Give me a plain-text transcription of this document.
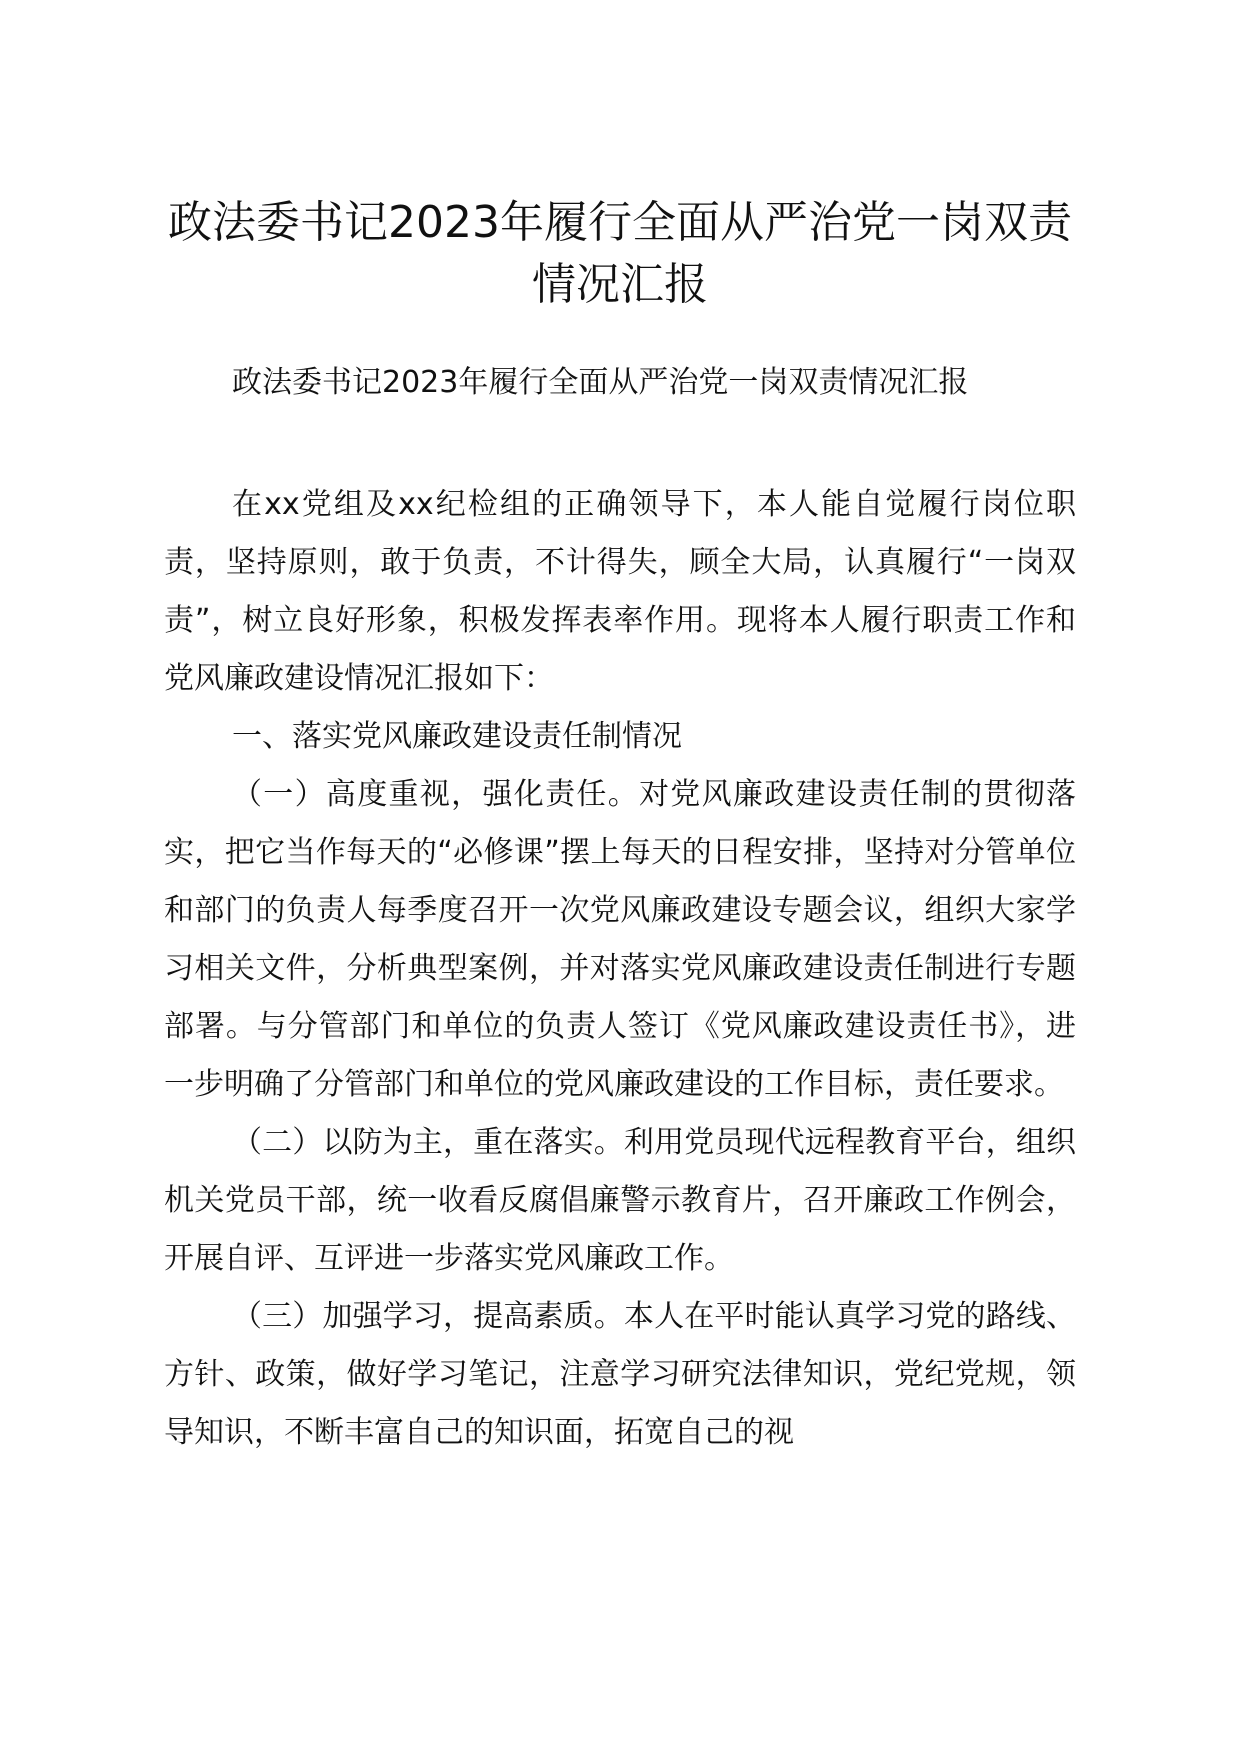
政法委书记2023年履行全面从严治党一岗双责情况汇报
政法委书记2023年履行全面从严治党一岗双责情况汇报

在xx党组及xx纪检组的正确领导下，本人能自觉履行岗位职责，坚持原则，敢于负责，不计得失，顾全大局，认真履行“一岗双责”，树立良好形象，积极发挥表率作用。现将本人履行职责工作和党风廉政建设情况汇报如下：

一、落实党风廉政建设责任制情况

（一）高度重视，强化责任。对党风廉政建设责任制的贯彻落实，把它当作每天的“必修课”摆上每天的日程安排，坚持对分管单位和部门的负责人每季度召开一次党风廉政建设专题会议，组织大家学习相关文件，分析典型案例，并对落实党风廉政建设责任制进行专题部署。与分管部门和单位的负责人签订《党风廉政建设责任书》，进一步明确了分管部门和单位的党风廉政建设的工作目标，责任要求。

（二）以防为主，重在落实。利用党员现代远程教育平台，组织机关党员干部，统一收看反腐倡廉警示教育片，召开廉政工作例会，开展自评、互评进一步落实党风廉政工作。

（三）加强学习，提高素质。本人在平时能认真学习党的路线、方针、政策，做好学习笔记，注意学习研究法律知识，党纪党规，领导知识，不断丰富自己的知识面，拓宽自己的视
